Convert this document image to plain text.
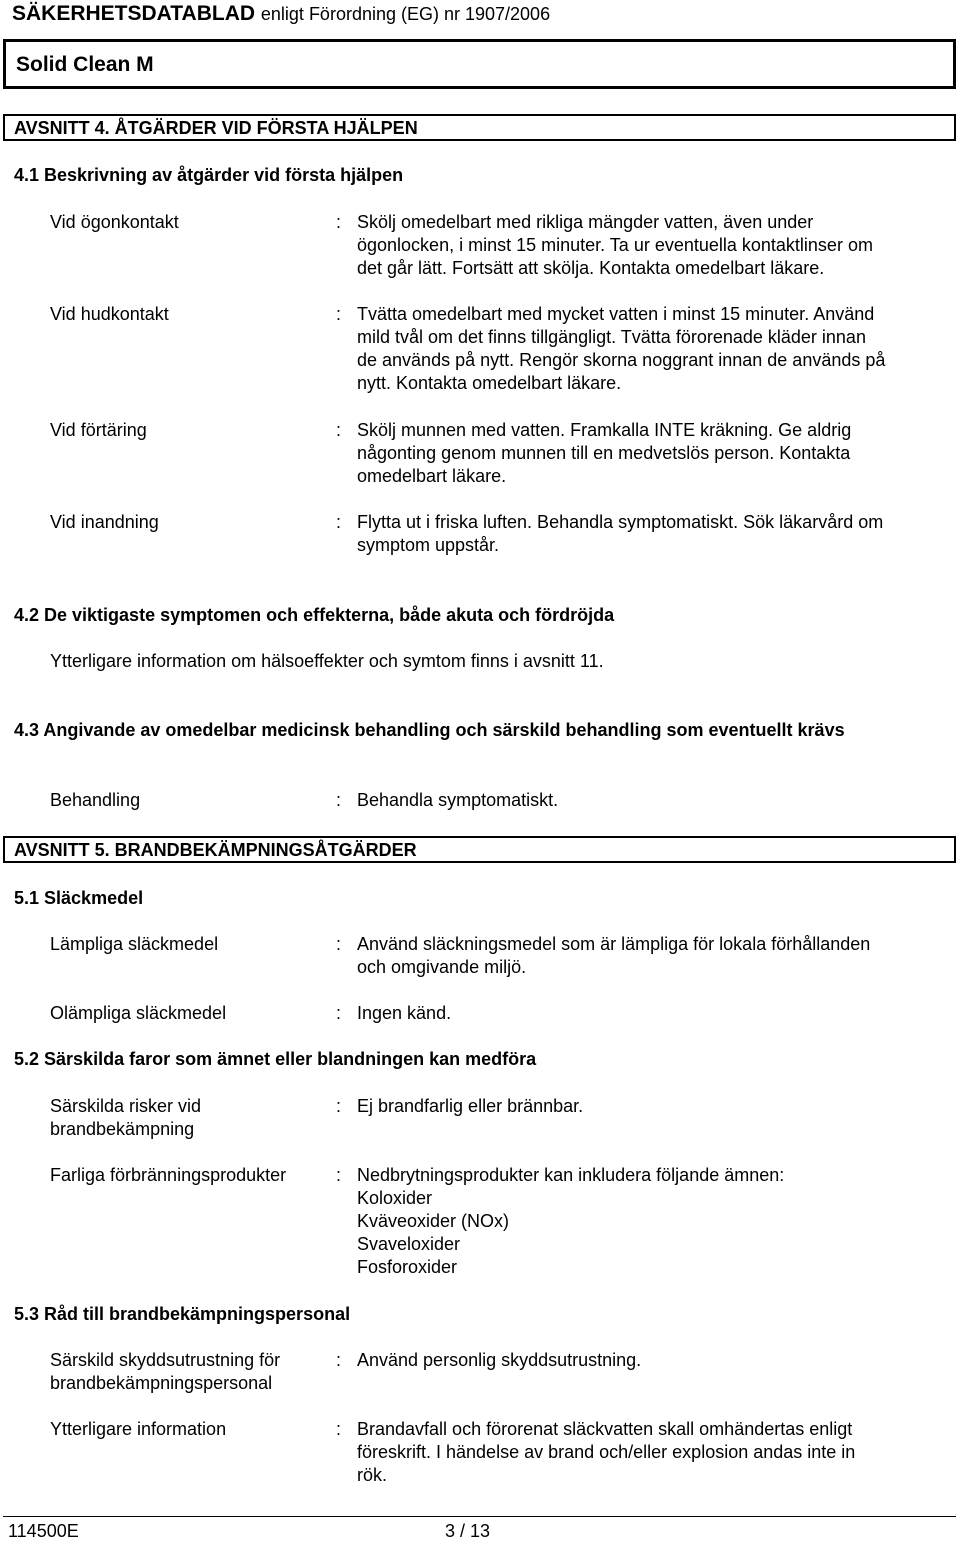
SÄKERHETSDATABLAD enligt Förordning (EG) nr 1907/2006
Solid Clean M
AVSNITT 4. ÅTGÄRDER VID FÖRSTA HJÄLPEN
4.1 Beskrivning av åtgärder vid första hjälpen
Vid ögonkontakt	: Skölj omedelbart med rikliga mängder vatten, även under
ögonlocken, i minst 15 minuter. Ta ur eventuella kontaktlinser om
det går lätt. Fortsätt att skölja. Kontakta omedelbart läkare.
Vid hudkontakt	: Tvätta omedelbart med mycket vatten i minst 15 minuter. Använd
mild tvål om det finns tillgängligt. Tvätta förorenade kläder innan
de används på nytt. Rengör skorna noggrant innan de används på
nytt. Kontakta omedelbart läkare.
Vid förtäring	: Skölj munnen med vatten. Framkalla INTE kräkning. Ge aldrig
någonting genom munnen till en medvetslös person. Kontakta
omedelbart läkare.
Vid inandning	: Flytta ut i friska luften. Behandla symptomatiskt. Sök läkarvård om
symptom uppstår.
4.2 De viktigaste symptomen och effekterna, både akuta och fördröjda
Ytterligare information om hälsoeffekter och symtom finns i avsnitt 11.
4.3 Angivande av omedelbar medicinsk behandling och särskild behandling som eventuellt krävs
Behandling	: Behandla symptomatiskt.
AVSNITT 5. BRANDBEKÄMPNINGSÅTGÄRDER
5.1 Släckmedel
Lämpliga släckmedel	: Använd släckningsmedel som är lämpliga för lokala förhållanden
och omgivande miljö.
Olämpliga släckmedel	: Ingen känd.
5.2 Särskilda faror som ämnet eller blandningen kan medföra
Särskilda risker vid brandbekämpning
: Ej brandfarlig eller brännbar.
Farliga förbränningsprodukter	: Nedbrytningsprodukter kan inkludera följande ämnen:
Koloxider
Kväveoxider (NOx)
Svaveloxider
Fosforoxider
5.3 Råd till brandbekämpningspersonal
Särskild skyddsutrustning för brandbekämpningspersonal
: Använd personlig skyddsutrustning.
Ytterligare information	: Brandavfall och förorenat släckvatten skall omhändertas enligt
föreskrift. I händelse av brand och/eller explosion andas inte in
rök.
114500E	3 / 13
